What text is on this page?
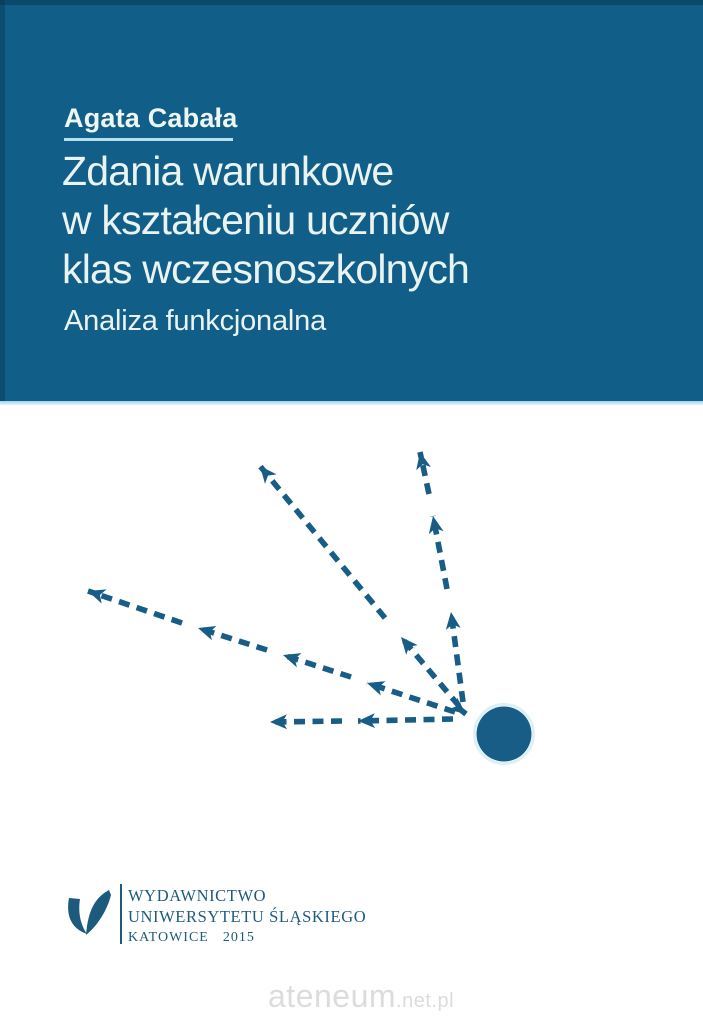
Agata Cabała
Zdania warunkowe
w kształceniu uczniów
klas wczesnoszkolnych
Analiza funkcjonalna
WYDAWNICTWO
UNIWERSYTETU ŚLĄSKIEGO
KATOWICE 2015
ateneum.net.pl
